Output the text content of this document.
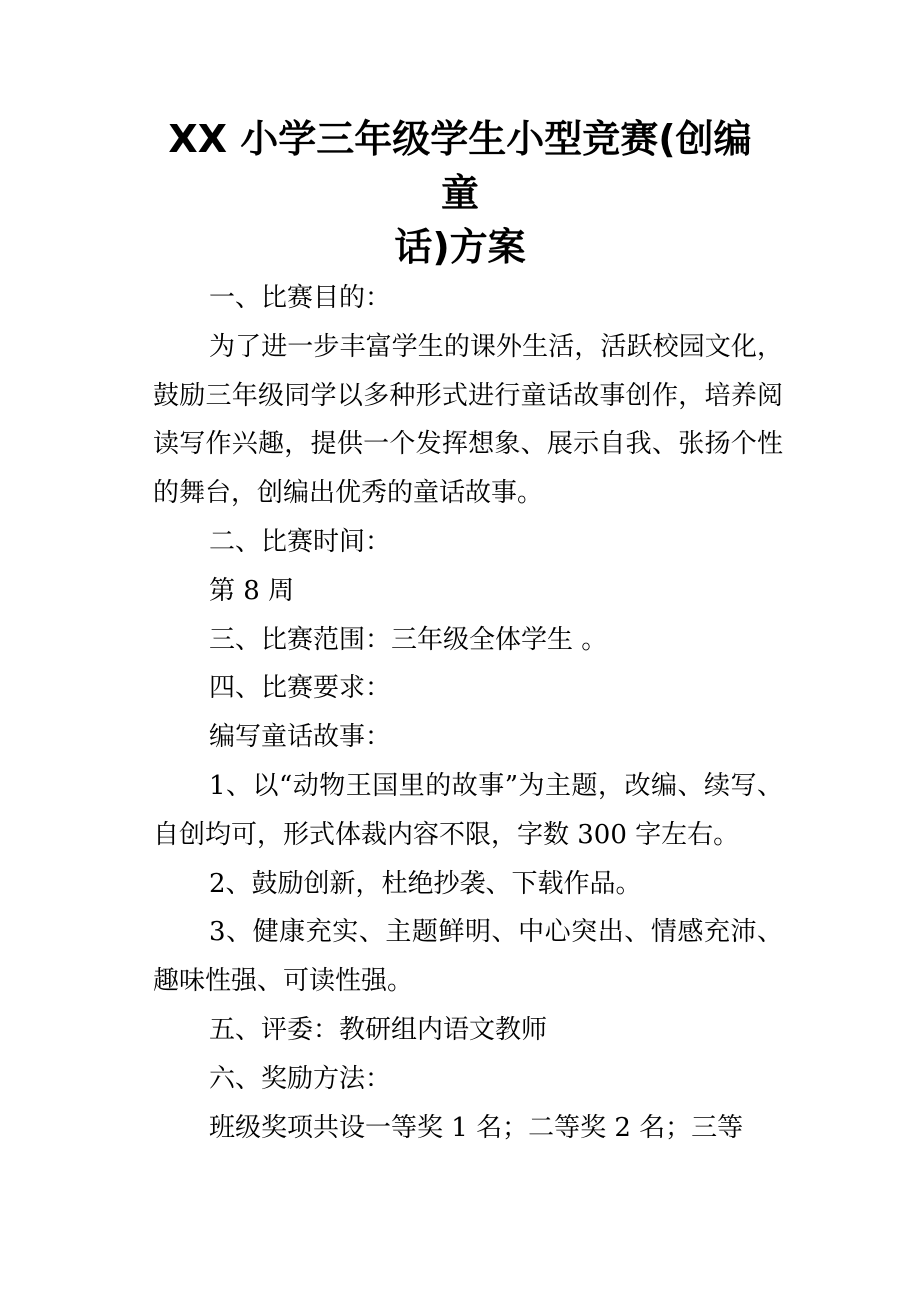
XX 小学三年级学生小型竞赛(创编童
话)方案

一、比赛目的：

为了进一步丰富学生的课外生活，活跃校园文化，鼓励三年级同学以多种形式进行童话故事创作，培养阅读写作兴趣，提供一个发挥想象、展示自我、张扬个性的舞台，创编出优秀的童话故事。

二、比赛时间：

第 8 周

三、比赛范围：三年级全体学生 。

四、比赛要求：

编写童话故事：

1、以“动物王国里的故事”为主题，改编、续写、自创均可，形式体裁内容不限，字数 300 字左右。

2、鼓励创新，杜绝抄袭、下载作品。

3、健康充实、主题鲜明、中心突出、情感充沛、趣味性强、可读性强。

五、评委：教研组内语文教师

六、奖励方法：

班级奖项共设一等奖 1 名；二等奖 2 名；三等
